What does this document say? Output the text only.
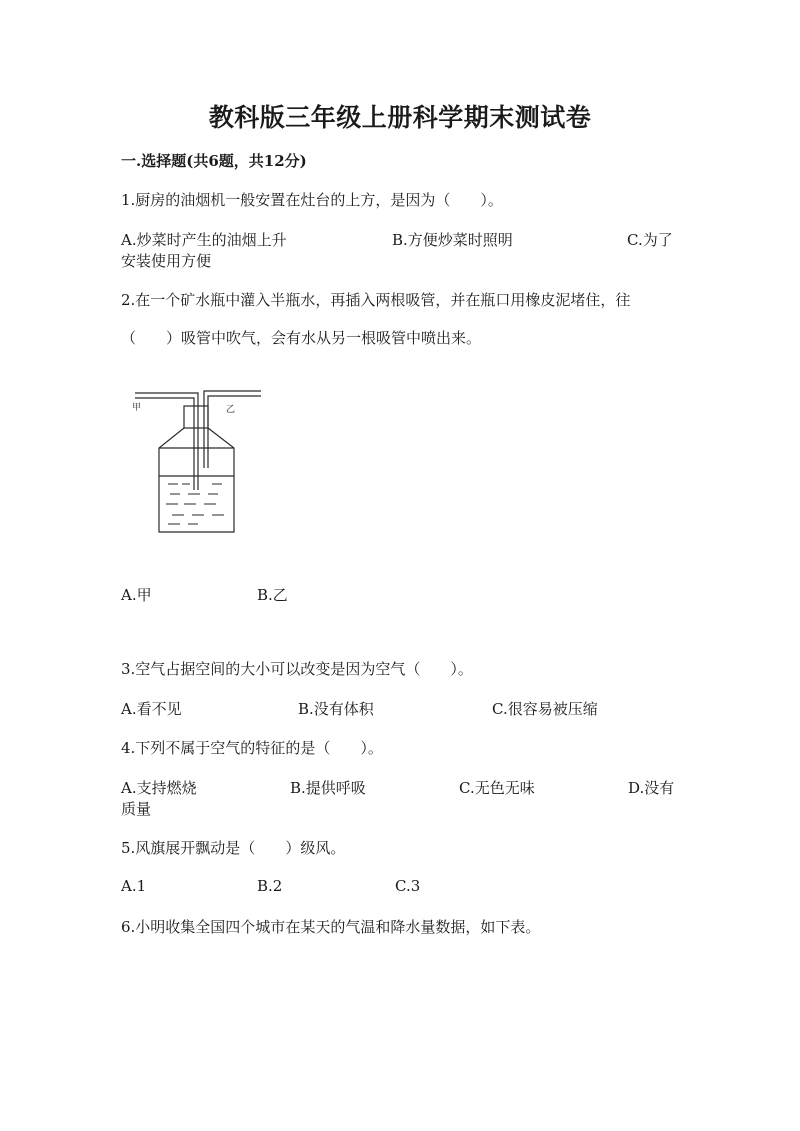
教科版三年级上册科学期末测试卷
一.选择题(共6题，共12分)
1.厨房的油烟机一般安置在灶台的上方，是因为（　　）。
A.炒菜时产生的油烟上升	B.方便炒菜时照明	C.为了
安装使用方便
2.在一个矿水瓶中灌入半瓶水，再插入两根吸管，并在瓶口用橡皮泥堵住，往
（　　）吸管中吹气，会有水从另一根吸管中喷出来。
甲	乙
A.甲	B.乙
3.空气占据空间的大小可以改变是因为空气（　　）。
A.看不见	B.没有体积	C.很容易被压缩
4.下列不属于空气的特征的是（　　）。
A.支持燃烧	B.提供呼吸	C.无色无味	D.没有
质量
5.风旗展开飘动是（　　）级风。
A.1	B.2	C.3
6.小明收集全国四个城市在某天的气温和降水量数据，如下表。
